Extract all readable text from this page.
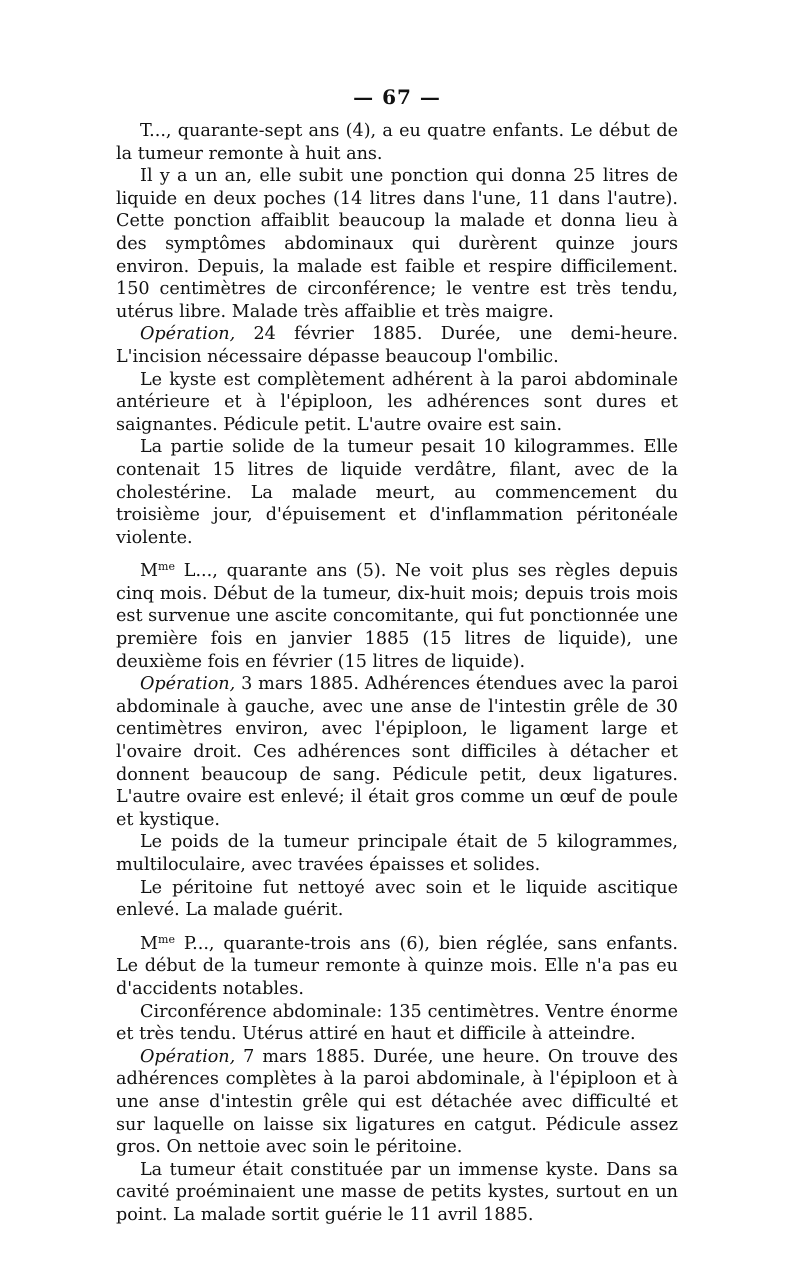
— 67 —

T..., quarante-sept ans (4), a eu quatre enfants. Le début de la tumeur remonte à huit ans.

Il y a un an, elle subit une ponction qui donna 25 litres de liquide en deux poches (14 litres dans l'une, 11 dans l'autre). Cette ponction affaiblit beaucoup la malade et donna lieu à des symptômes abdominaux qui durèrent quinze jours environ. Depuis, la malade est faible et respire difficilement. 150 centimètres de circonférence; le ventre est très tendu, utérus libre. Malade très affaiblie et très maigre.

Opération, 24 février 1885. Durée, une demi-heure. L'incision nécessaire dépasse beaucoup l'ombilic.

Le kyste est complètement adhérent à la paroi abdominale antérieure et à l'épiploon, les adhérences sont dures et saignantes. Pédicule petit. L'autre ovaire est sain.

La partie solide de la tumeur pesait 10 kilogrammes. Elle contenait 15 litres de liquide verdâtre, filant, avec de la cholestérine. La malade meurt, au commencement du troisième jour, d'épuisement et d'inflammation péritonéale violente.

$M^{me}$ L..., quarante ans (5). Ne voit plus ses règles depuis cinq mois. Début de la tumeur, dix-huit mois; depuis trois mois est survenue une ascite concomitante, qui fut ponctionnée une première fois en janvier 1885 (15 litres de liquide), une deuxième fois en février (15 litres de liquide).

Opération, 3 mars 1885. Adhérences étendues avec la paroi abdominale à gauche, avec une anse de l'intestin grêle de 30 centimètres environ, avec l'épiploon, le ligament large et l'ovaire droit. Ces adhérences sont difficiles à détacher et donnent beaucoup de sang. Pédicule petit, deux ligatures. L'autre ovaire est enlevé; il était gros comme un œuf de poule et kystique.

Le poids de la tumeur principale était de 5 kilogrammes, multiloculaire, avec travées épaisses et solides.

Le péritoine fut nettoyé avec soin et le liquide ascitique enlevé. La malade guérit.

$M^{me}$ P..., quarante-trois ans (6), bien réglée, sans enfants. Le début de la tumeur remonte à quinze mois. Elle n'a pas eu d'accidents notables.

Circonférence abdominale: 135 centimètres. Ventre énorme et très tendu. Utérus attiré en haut et difficile à atteindre.

Opération, 7 mars 1885. Durée, une heure. On trouve des adhérences complètes à la paroi abdominale, à l'épiploon et à une anse d'intestin grêle qui est détachée avec difficulté et sur laquelle on laisse six ligatures en catgut. Pédicule assez gros. On nettoie avec soin le péritoine.

La tumeur était constituée par un immense kyste. Dans sa cavité proéminaient une masse de petits kystes, surtout en un point. La malade sortit guérie le 11 avril 1885.
